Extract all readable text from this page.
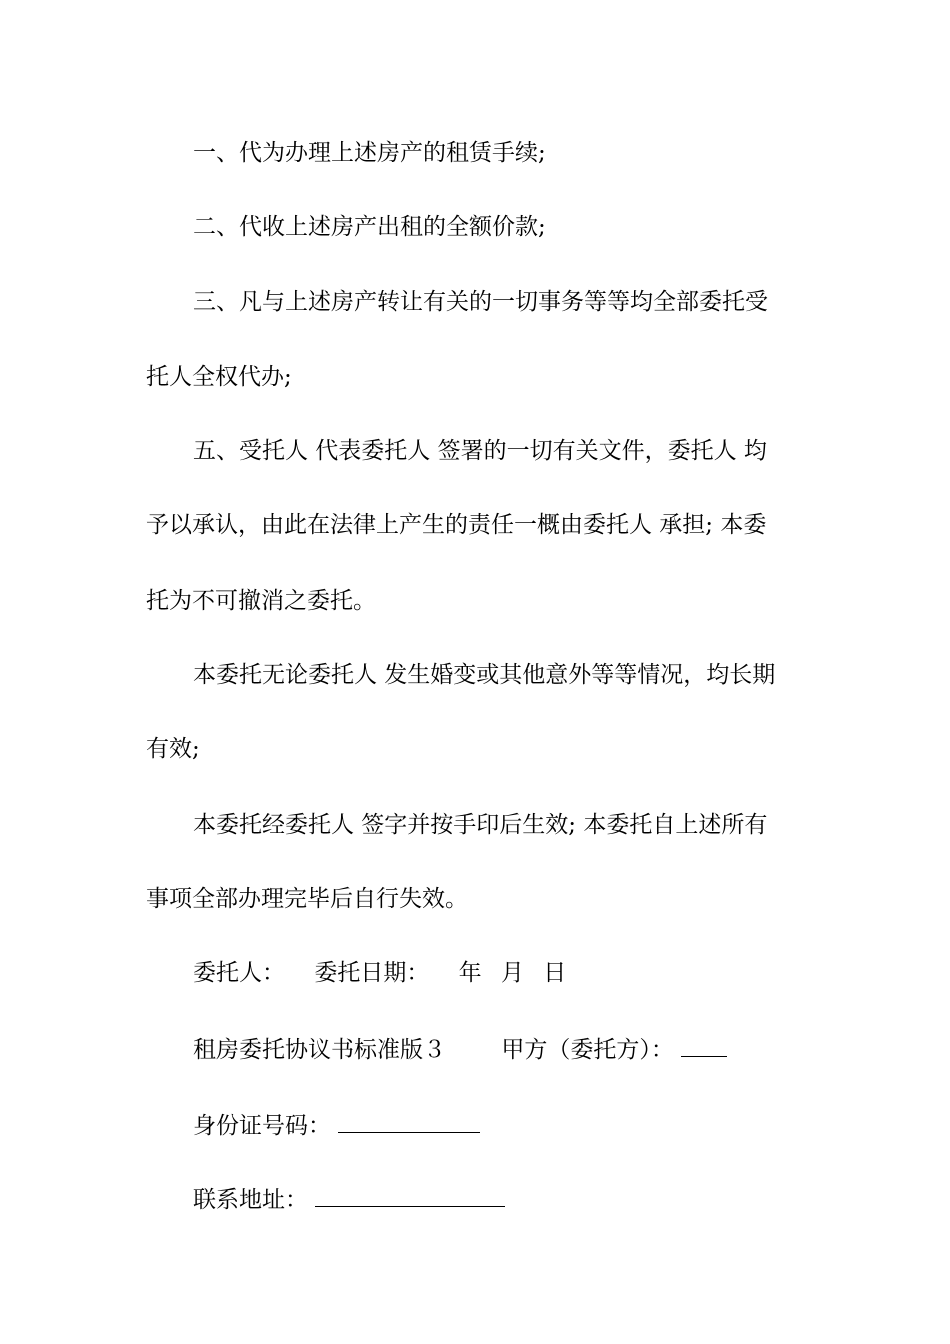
一、代为办理上述房产的租赁手续;
二、代收上述房产出租的全额价款;
三、凡与上述房产转让有关的一切事务等等均全部委托受
托人全权代办;
五、受托人 代表委托人 签署的一切有关文件，委托人 均
予以承认，由此在法律上产生的责任一概由委托人 承担; 本委
托为不可撤消之委托。
本委托无论委托人 发生婚变或其他意外等等情况，均长期
有效;
本委托经委托人 签字并按手印后生效; 本委托自上述所有
事项全部办理完毕后自行失效。
委托人： 委托日期： 年 月 日
租房委托协议书标准版３ 甲方（委托方）：
身份证号码：
联系地址：
